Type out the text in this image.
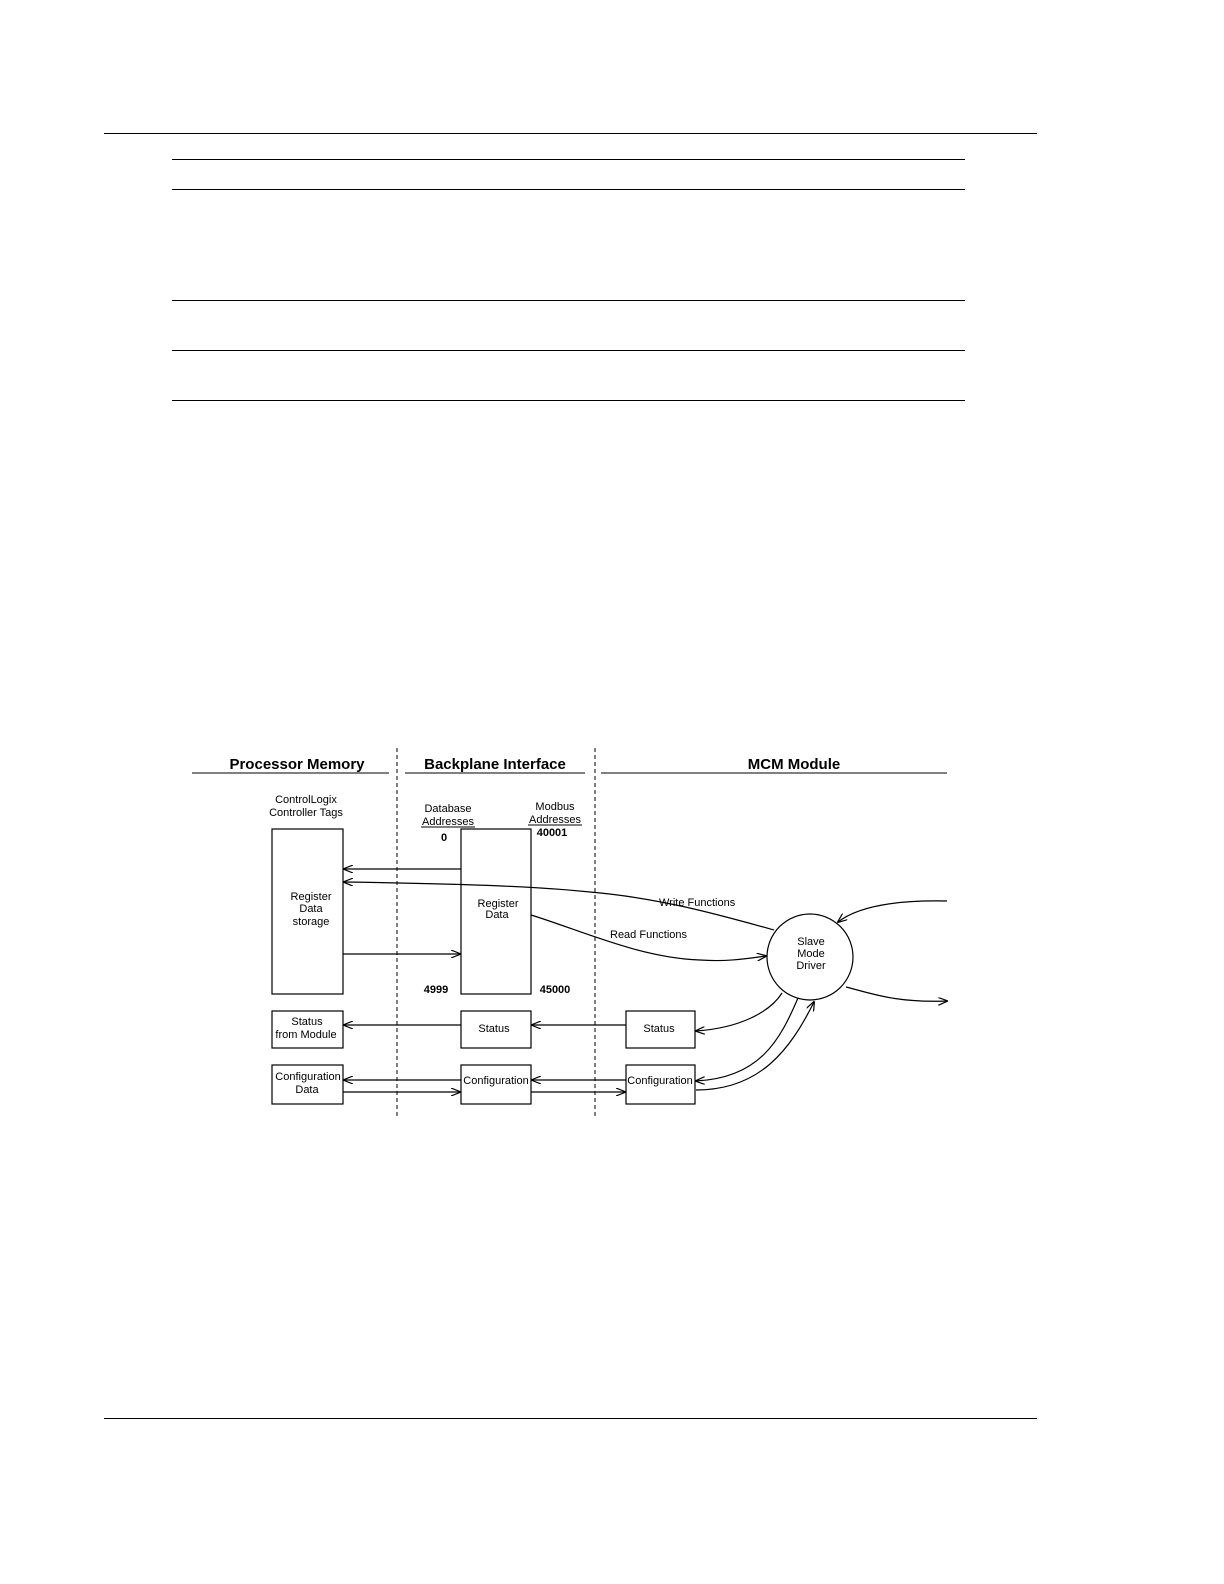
Processor Memory	Backplane Interface	MCM Module
ControlLogix
Controller Tags	Database
Addresses
Modbus
Addresses
0	40001
4999	45000
Register
Data
storage
Register
Data
Status
from Module	Status	Status
Configuration
Data
Configuration	Configuration
Slave
Mode
Driver
Write Functions
Read Functions
